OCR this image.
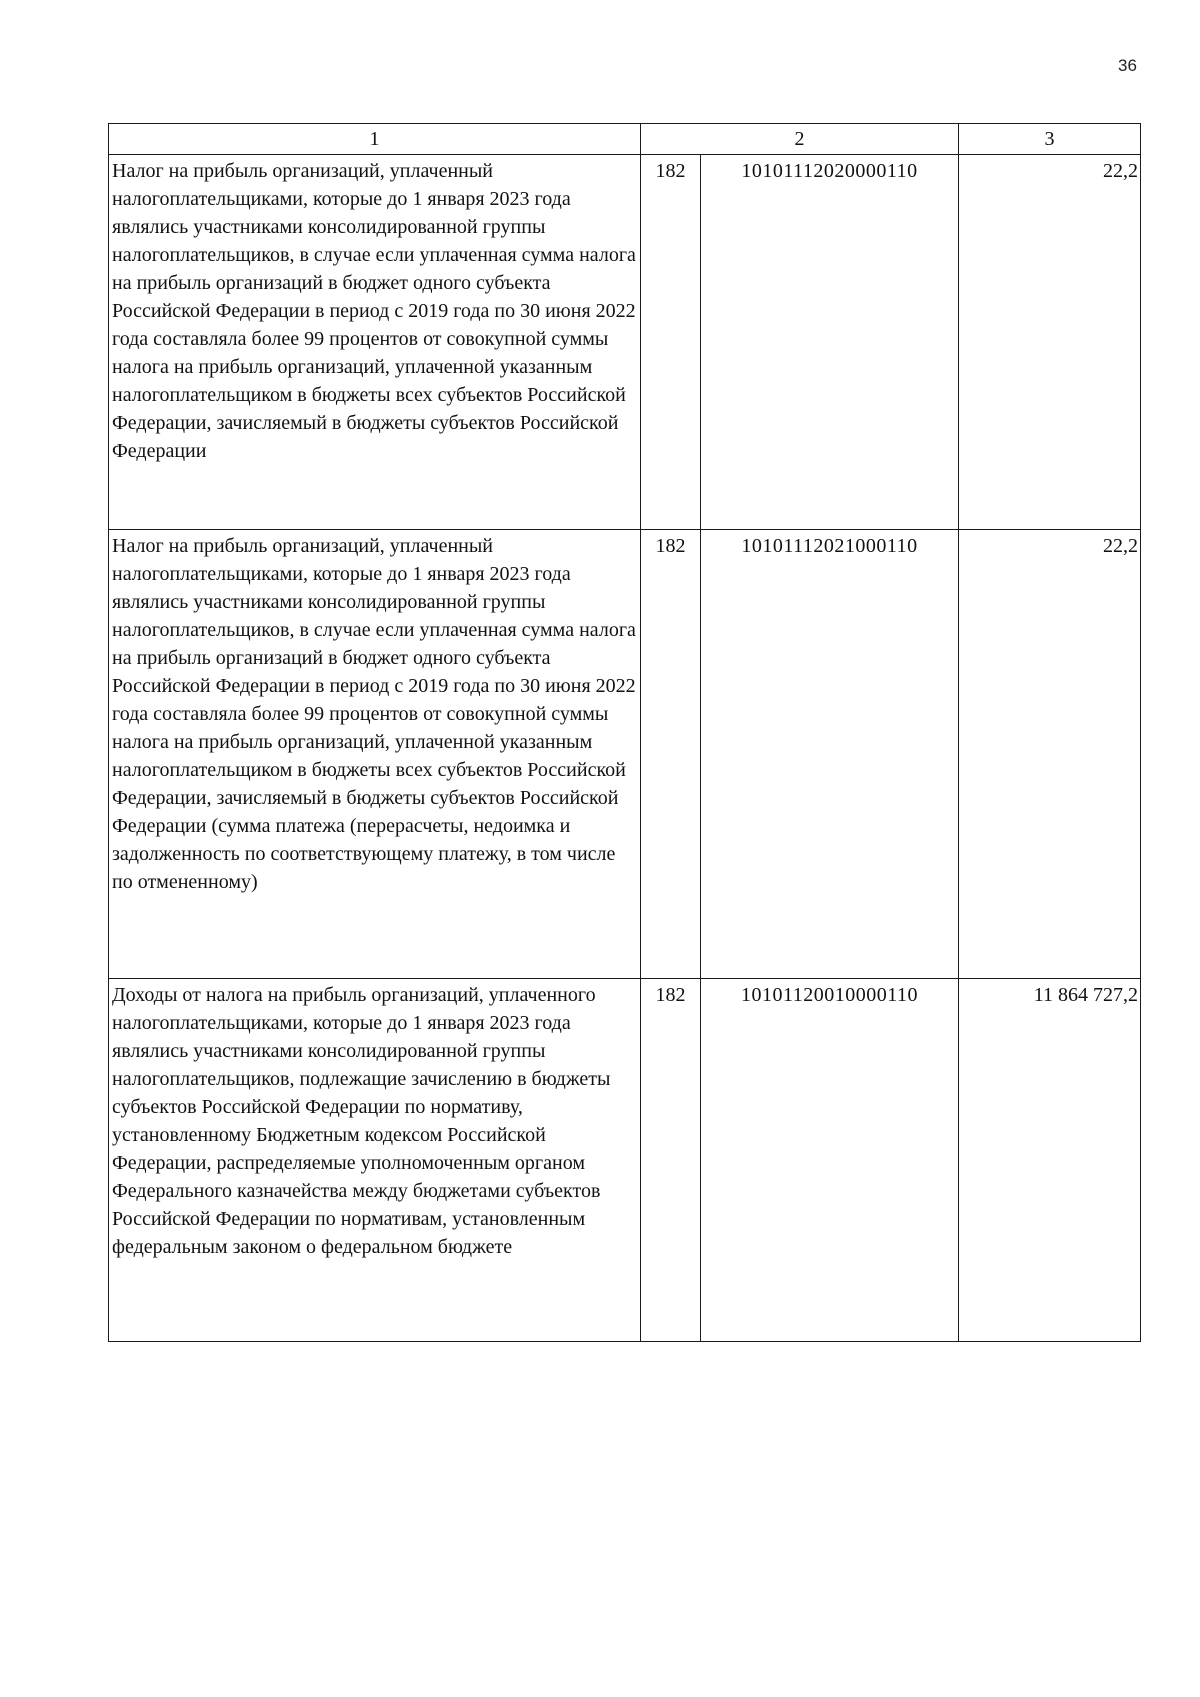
36
1	2		3
Налог на прибыль организаций, уплаченный налогоплательщиками, которые до 1 января 2023 года являлись участниками консолидированной группы налогоплательщиков, в случае если уплаченная сумма налога на прибыль организаций в бюджет одного субъекта Российской Федерации в период с 2019 года по 30 июня 2022 года составляла более 99 процентов от совокупной суммы налога на прибыль организаций, уплаченной указанным налогоплательщиком в бюджеты всех субъектов Российской Федерации, зачисляемый в бюджеты субъектов Российской Федерации	182	10101112020000110	22,2
Налог на прибыль организаций, уплаченный налогоплательщиками, которые до 1 января 2023 года являлись участниками консолидированной группы налогоплательщиков, в случае если уплаченная сумма налога на прибыль организаций в бюджет одного субъекта Российской Федерации в период с 2019 года по 30 июня 2022 года составляла более 99 процентов от совокупной суммы налога на прибыль организаций, уплаченной указанным налогоплательщиком в бюджеты всех субъектов Российской Федерации, зачисляемый в бюджеты субъектов Российской Федерации (сумма платежа (перерасчеты, недоимка и задолженность по соответствующему платежу, в том числе по отмененному)	182	10101112021000110	22,2
Доходы от налога на прибыль организаций, уплаченного налогоплательщиками, которые до 1 января 2023 года являлись участниками консолидированной группы налогоплательщиков, подлежащие зачислению в бюджеты субъектов Российской Федерации по нормативу, установленному Бюджетным кодексом Российской Федерации, распределяемые уполномоченным органом Федерального казначейства между бюджетами субъектов Российской Федерации по нормативам, установленным федеральным законом о федеральном бюджете	182	10101120010000110	11 864 727,2
